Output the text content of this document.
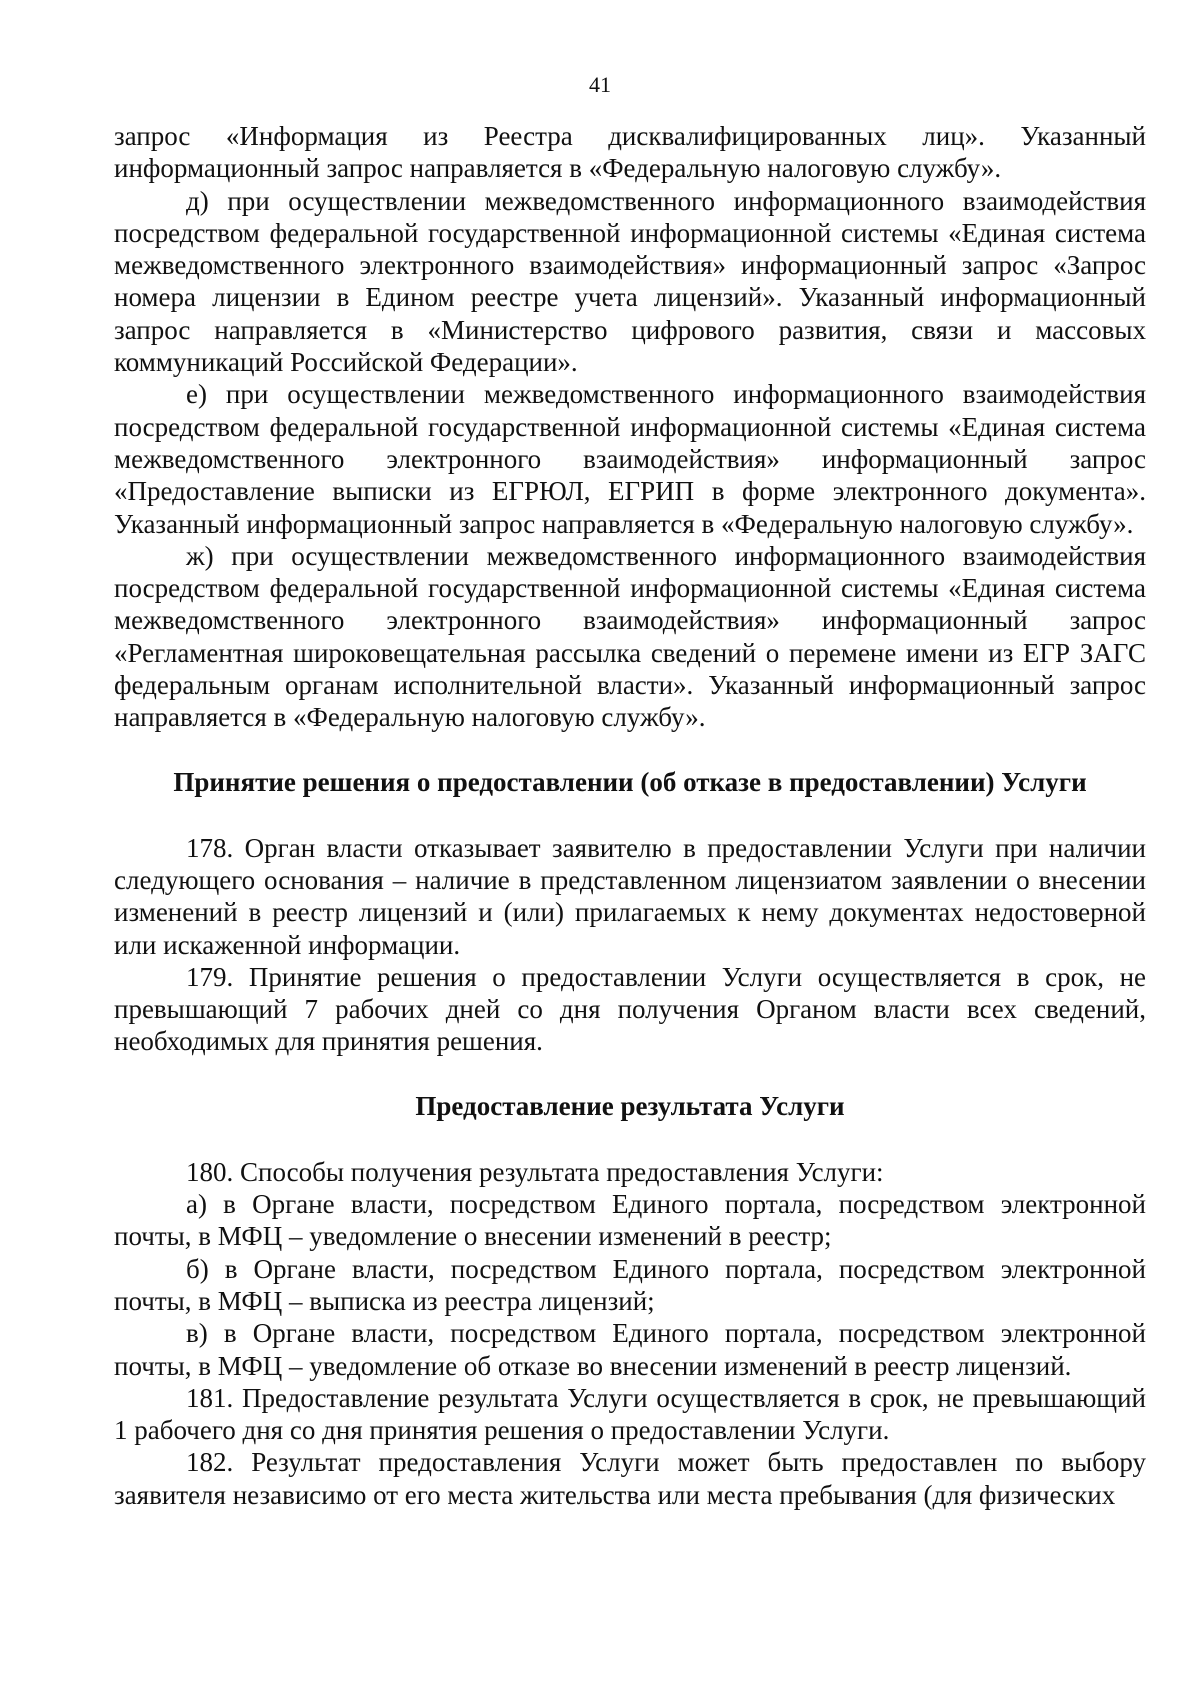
41

запрос «Информация из Реестра дисквалифицированных лиц». Указанный информационный запрос направляется в «Федеральную налоговую службу».

д) при осуществлении межведомственного информационного взаимодействия посредством федеральной государственной информационной системы «Единая система межведомственного электронного взаимодействия» информационный запрос «Запрос номера лицензии в Едином реестре учета лицензий». Указанный информационный запрос направляется в «Министерство цифрового развития, связи и массовых коммуникаций Российской Федерации».

е) при осуществлении межведомственного информационного взаимодействия посредством федеральной государственной информационной системы «Единая система межведомственного электронного взаимодействия» информационный запрос «Предоставление выписки из ЕГРЮЛ, ЕГРИП в форме электронного документа». Указанный информационный запрос направляется в «Федеральную налоговую службу».

ж) при осуществлении межведомственного информационного взаимодействия посредством федеральной государственной информационной системы «Единая система межведомственного электронного взаимодействия» информационный запрос «Регламентная широковещательная рассылка сведений о перемене имени из ЕГР ЗАГС федеральным органам исполнительной власти». Указанный информационный запрос направляется в «Федеральную налоговую службу».

Принятие решения о предоставлении (об отказе в предоставлении) Услуги

178. Орган власти отказывает заявителю в предоставлении Услуги при наличии следующего основания – наличие в представленном лицензиатом заявлении о внесении изменений в реестр лицензий и (или) прилагаемых к нему документах недостоверной или искаженной информации.

179. Принятие решения о предоставлении Услуги осуществляется в срок, не превышающий 7 рабочих дней со дня получения Органом власти всех сведений, необходимых для принятия решения.

Предоставление результата Услуги

180. Способы получения результата предоставления Услуги:

а) в Органе власти, посредством Единого портала, посредством электронной почты, в МФЦ – уведомление о внесении изменений в реестр;

б) в Органе власти, посредством Единого портала, посредством электронной почты, в МФЦ – выписка из реестра лицензий;

в) в Органе власти, посредством Единого портала, посредством электронной почты, в МФЦ – уведомление об отказе во внесении изменений в реестр лицензий.

181. Предоставление результата Услуги осуществляется в срок, не превышающий 1 рабочего дня со дня принятия решения о предоставлении Услуги.

182. Результат предоставления Услуги может быть предоставлен по выбору заявителя независимо от его места жительства или места пребывания (для физических
